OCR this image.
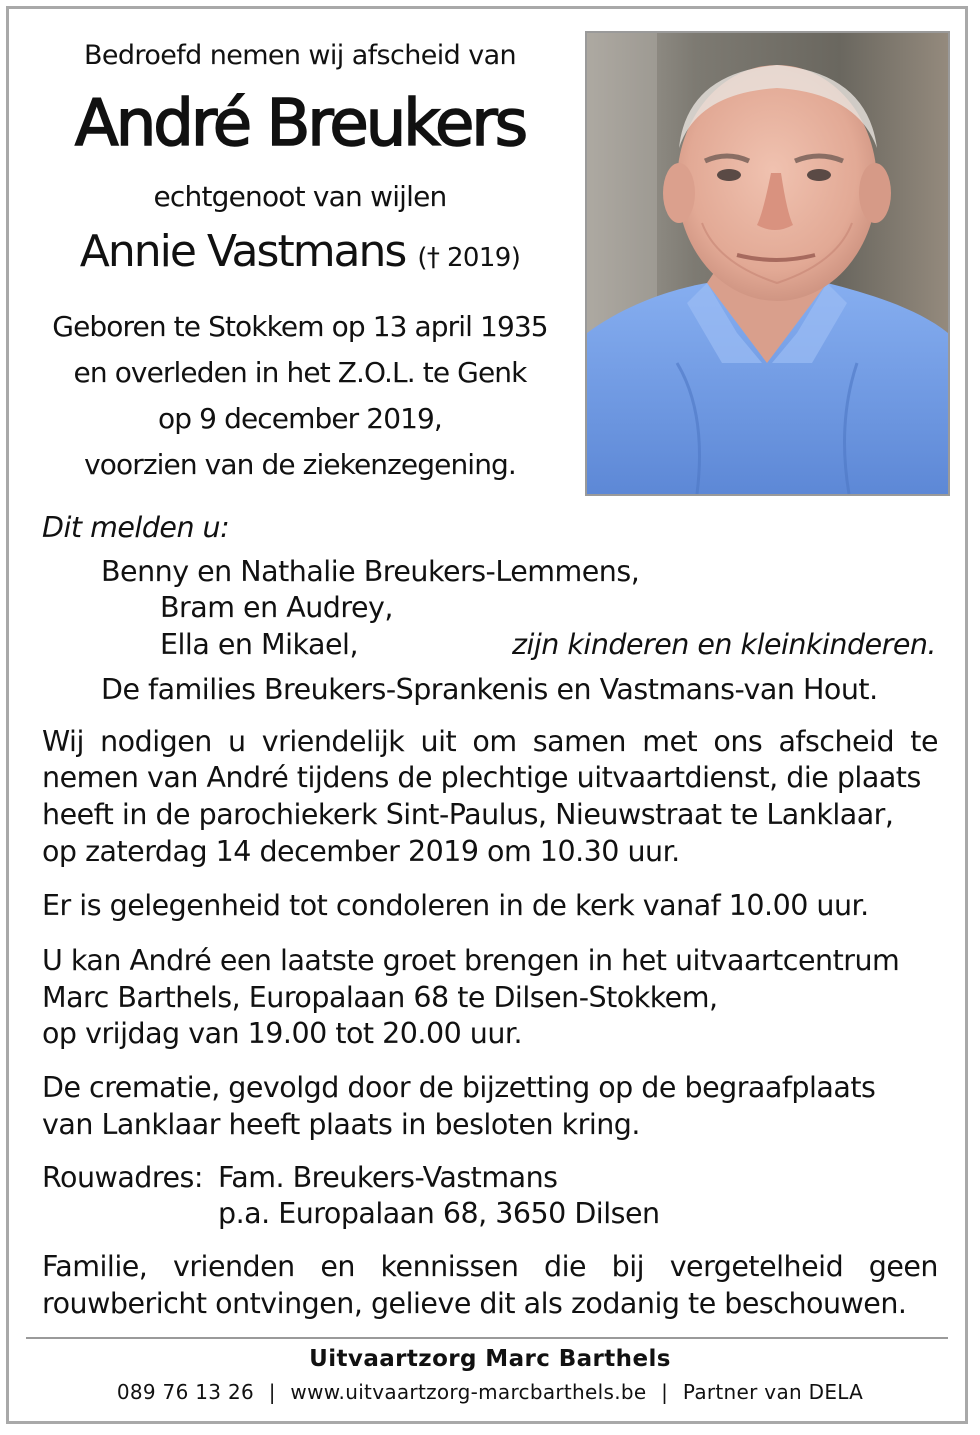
Bedroefd nemen wij afscheid van
André Breukers
echtgenoot van wijlen
Annie Vastmans († 2019)
Geboren te Stokkem op 13 april 1935
en overleden in het Z.O.L. te Genk
op 9 december 2019,
voorzien van de ziekenzegening.
Dit melden u:
Benny en Nathalie Breukers-Lemmens,
Bram en Audrey,
Ella en Mikael,	zijn kinderen en kleinkinderen.
De families Breukers-Sprankenis en Vastmans-van Hout.
Wij nodigen u vriendelijk uit om samen met ons afscheid te
nemen van André tijdens de plechtige uitvaartdienst, die plaats
heeft in de parochiekerk Sint-Paulus, Nieuwstraat te Lanklaar,
op zaterdag 14 december 2019 om 10.30 uur.
Er is gelegenheid tot condoleren in de kerk vanaf 10.00 uur.
U kan André een laatste groet brengen in het uitvaartcentrum
Marc Barthels, Europalaan 68 te Dilsen-Stokkem,
op vrijdag van 19.00 tot 20.00 uur.
De crematie, gevolgd door de bijzetting op de begraafplaats
van Lanklaar heeft plaats in besloten kring.
Rouwadres: Fam. Breukers-Vastmans
p.a. Europalaan 68, 3650 Dilsen
Familie, vrienden en kennissen die bij vergetelheid geen
rouwbericht ontvingen, gelieve dit als zodanig te beschouwen.
Uitvaartzorg Marc Barthels
089 76 13 26 | www.uitvaartzorg-marcbarthels.be | Partner van DELA
